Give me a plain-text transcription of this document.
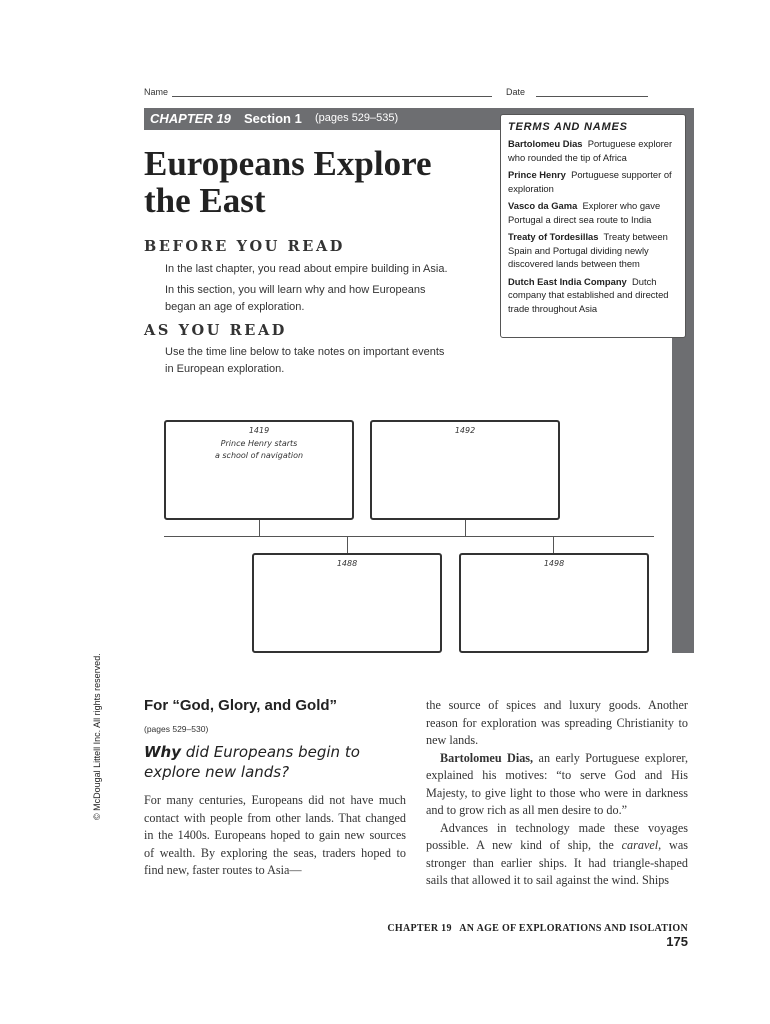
Name	Date
CHAPTER 19 Section 1 (pages 529–535)
Europeans Explore
the East
BEFORE YOU READ
In the last chapter, you read about empire building in Asia.
In this section, you will learn why and how Europeans
began an age of exploration.
AS YOU READ
Use the time line below to take notes on important events
in European exploration.
TERMS AND NAMES
Bartolomeu Dias Portuguese explorer who rounded the tip of Africa
Prince Henry Portuguese supporter of exploration
Vasco da Gama Explorer who gave Portugal a direct sea route to India
Treaty of Tordesillas Treaty between Spain and Portugal dividing newly discovered lands between them
Dutch East India Company Dutch company that established and directed trade throughout Asia
1419
Prince Henry starts
a school of navigation
1492
1488	1498
© McDougal Littell Inc. All rights reserved.	For “God, Glory, and Gold”
(pages 529–530)
Why did Europeans begin to
explore new lands?
For many centuries, Europeans did not have much contact with people from other lands. That changed in the 1400s. Europeans hoped to gain new sources of wealth. By exploring the seas, traders hoped to find new, faster routes to Asia—
the source of spices and luxury goods. Another reason for exploration was spreading Christianity to new lands.
Bartolomeu Dias, an early Portuguese explorer, explained his motives: “to serve God and His Majesty, to give light to those who were in darkness and to grow rich as all men desire to do.”
Advances in technology made these voyages possible. A new kind of ship, the caravel, was stronger than earlier ships. It had triangle-shaped sails that allowed it to sail against the wind. Ships
CHAPTER 19 AN AGE OF EXPLORATIONS AND ISOLATION 175
